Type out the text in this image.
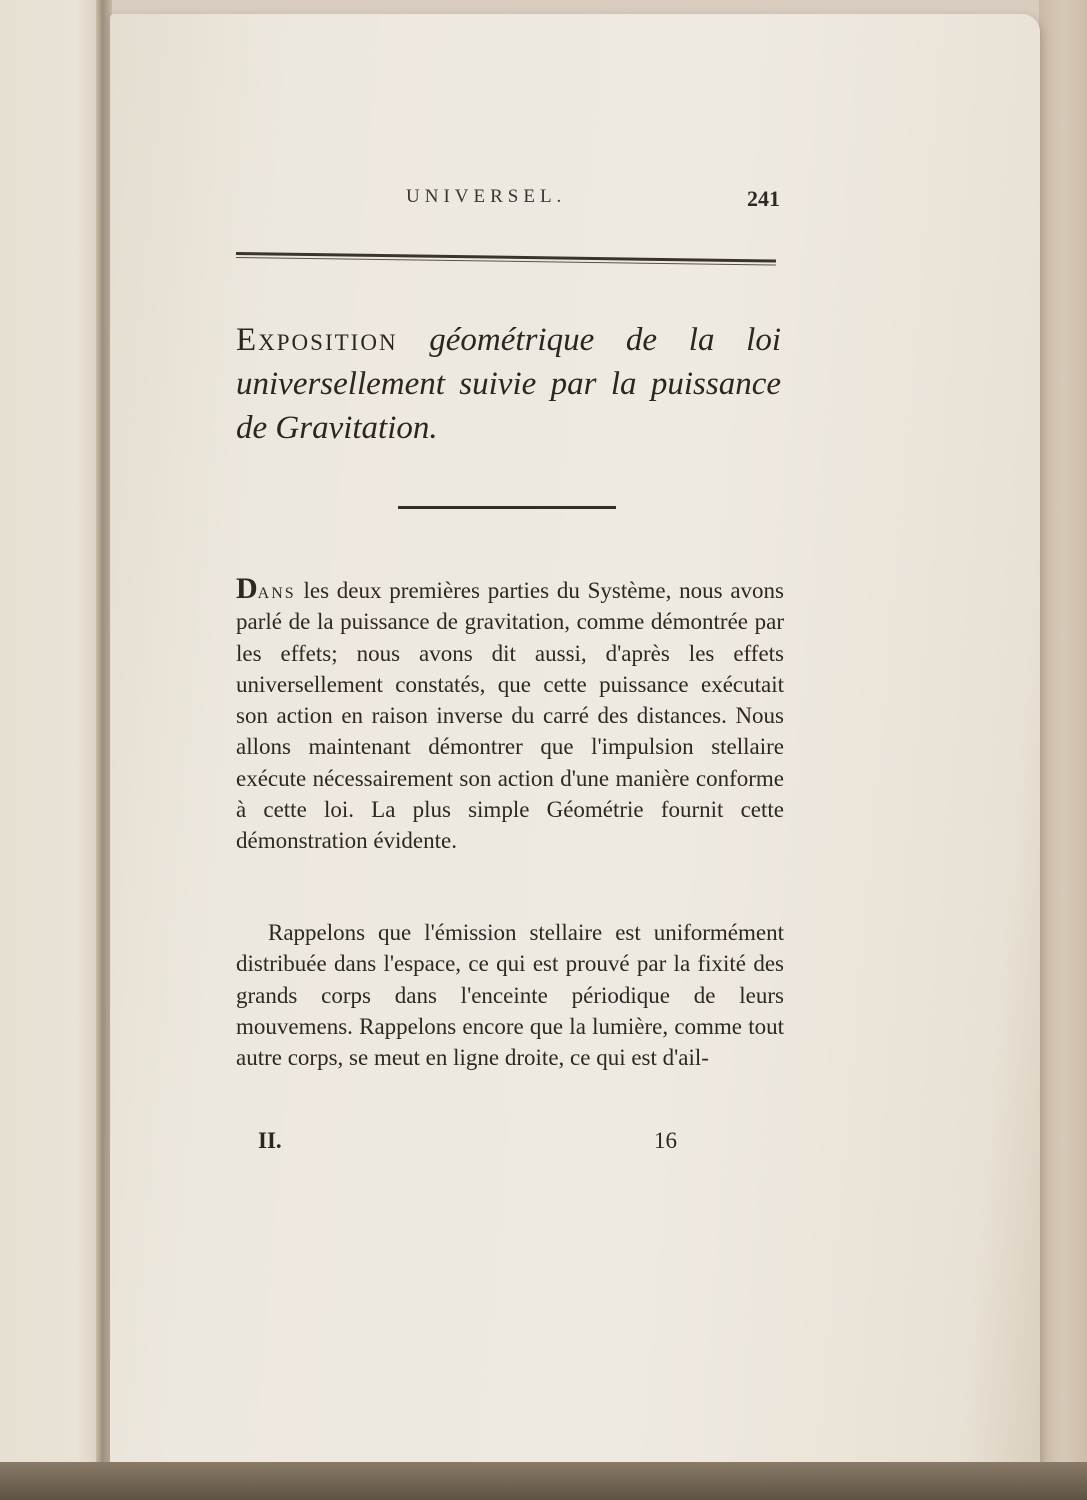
UNIVERSEL.	241
Exposition géométrique de la loi universellement suivie par la puissance de Gravitation.
Dans les deux premières parties du Système, nous avons parlé de la puissance de gravitation, comme démontrée par les effets; nous avons dit aussi, d'après les effets universellement constatés, que cette puissance exécutait son action en raison inverse du carré des distances. Nous allons maintenant démontrer que l'impulsion stellaire exécute nécessairement son action d'une manière conforme à cette loi. La plus simple Géométrie fournit cette démonstration évidente.
Rappelons que l'émission stellaire est uniformément distribuée dans l'espace, ce qui est prouvé par la fixité des grands corps dans l'enceinte périodique de leurs mouvemens. Rappelons encore que la lumière, comme tout autre corps, se meut en ligne droite, ce qui est d'ail-
II.	16
